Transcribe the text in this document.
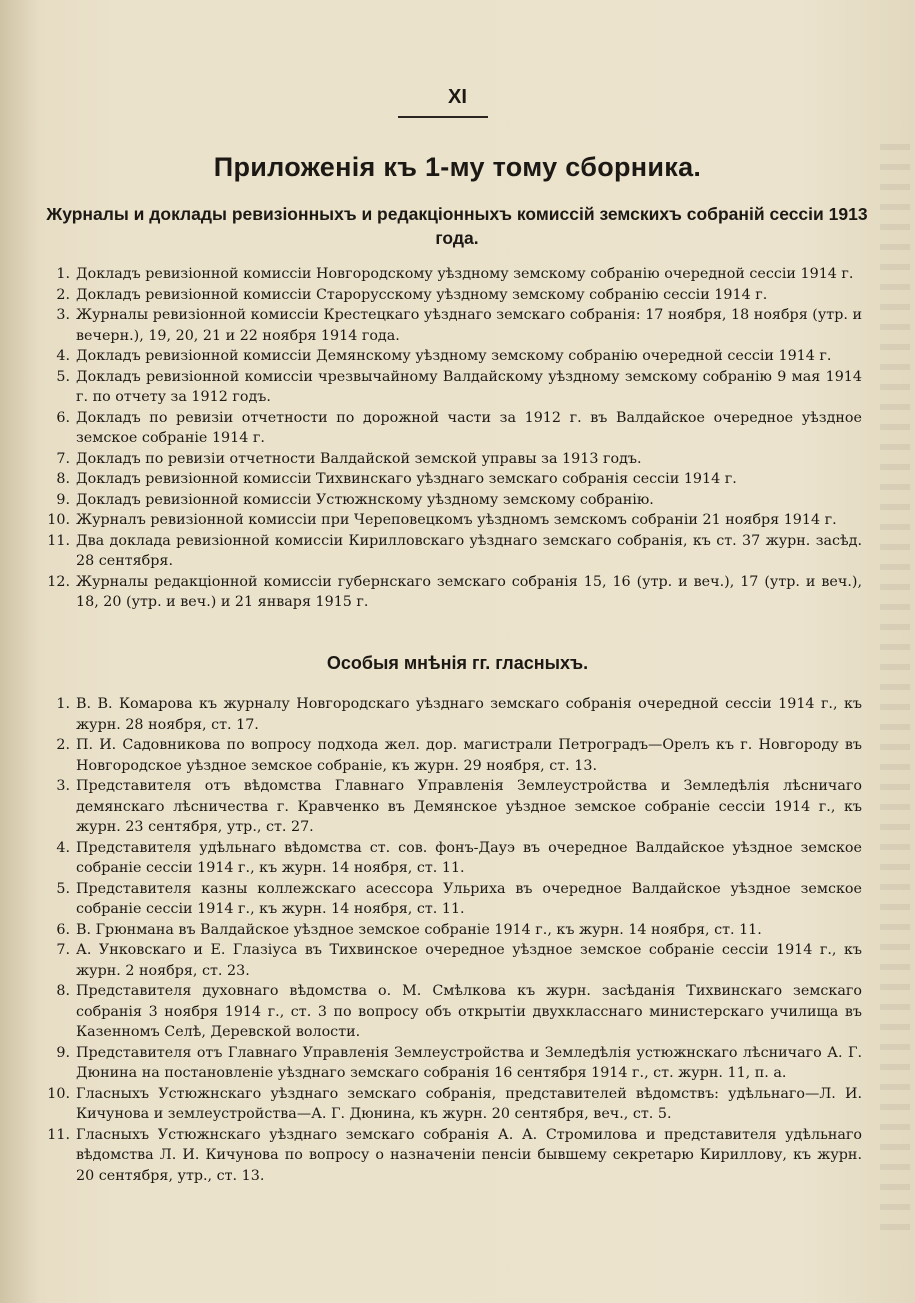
XI
Приложенія къ 1-му тому сборника.
Журналы и доклады ревизіонныхъ и редакціонныхъ комиссій земскихъ собраній сессіи 1913 года.
1. Докладъ ревизіонной комиссіи Новгородскому уѣздному земскому собранію очередной сессіи 1914 г.
2. Докладъ ревизіонной комиссіи Старорусскому уѣздному земскому собранію сессіи 1914 г.
3. Журналы ревизіонной комиссіи Крестецкаго уѣзднаго земскаго собранія: 17 ноября, 18 ноября (утр. и вечерн.), 19, 20, 21 и 22 ноября 1914 года.
4. Докладъ ревизіонной комиссіи Демянскому уѣздному земскому собранію очередной сессіи 1914 г.
5. Докладъ ревизіонной комиссіи чрезвычайному Валдайскому уѣздному земскому собранію 9 мая 1914 г. по отчету за 1912 годъ.
6. Докладъ по ревизіи отчетности по дорожной части за 1912 г. въ Валдайское очередное уѣздное земское собраніе 1914 г.
7. Докладъ по ревизіи отчетности Валдайской земской управы за 1913 годъ.
8. Докладъ ревизіонной комиссіи Тихвинскаго уѣзднаго земскаго собранія сессіи 1914 г.
9. Докладъ ревизіонной комиссіи Устюжнскому уѣздному земскому собранію.
10. Журналъ ревизіонной комиссіи при Череповецкомъ уѣздномъ земскомъ собраніи 21 ноября 1914 г.
11. Два доклада ревизіонной комиссіи Кирилловскаго уѣзднаго земскаго собранія, къ ст. 37 журн. засѣд. 28 сентября.
12. Журналы редакціонной комиссіи губернскаго земскаго собранія 15, 16 (утр. и веч.), 17 (утр. и веч.), 18, 20 (утр. и веч.) и 21 января 1915 г.
Особыя мнѣнія гг. гласныхъ.
1. В. В. Комарова къ журналу Новгородскаго уѣзднаго земскаго собранія очередной сессіи 1914 г., къ журн. 28 ноября, ст. 17.
2. П. И. Садовникова по вопросу подхода жел. дор. магистрали Петроградъ—Орелъ къ г. Новгороду въ Новгородское уѣздное земское собраніе, къ журн. 29 ноября, ст. 13.
3. Представителя отъ вѣдомства Главнаго Управленія Землеустройства и Земледѣлія лѣсничаго демянскаго лѣсничества г. Кравченко въ Демянское уѣздное земское собраніе сессіи 1914 г., къ журн. 23 сентября, утр., ст. 27.
4. Представителя удѣльнаго вѣдомства ст. сов. фонъ-Дауэ въ очередное Валдайское уѣздное земское собраніе сессіи 1914 г., къ журн. 14 ноября, ст. 11.
5. Представителя казны коллежскаго асессора Ульриха въ очередное Валдайское уѣздное земское собраніе сессіи 1914 г., къ журн. 14 ноября, ст. 11.
6. В. Грюнмана въ Валдайское уѣздное земское собраніе 1914 г., къ журн. 14 ноября, ст. 11.
7. А. Унковскаго и Е. Глазіуса въ Тихвинское очередное уѣздное земское собраніе сессіи 1914 г., къ журн. 2 ноября, ст. 23.
8. Представителя духовнаго вѣдомства о. М. Смѣлкова къ журн. засѣданія Тихвинскаго земскаго собранія 3 ноября 1914 г., ст. 3 по вопросу объ открытіи двухкласснаго министерскаго училища въ Казенномъ Селѣ, Деревской волости.
9. Представителя отъ Главнаго Управленія Землеустройства и Земледѣлія устюжнскаго лѣсничаго А. Г. Дюнина на постановленіе уѣзднаго земскаго собранія 16 сентября 1914 г., ст. журн. 11, п. а.
10. Гласныхъ Устюжнскаго уѣзднаго земскаго собранія, представителей вѣдомствъ: удѣльнаго—Л. И. Кичунова и землеустройства—А. Г. Дюнина, къ журн. 20 сентября, веч., ст. 5.
11. Гласныхъ Устюжнскаго уѣзднаго земскаго собранія А. А. Стромилова и представителя удѣльнаго вѣдомства Л. И. Кичунова по вопросу о назначеніи пенсіи бывшему секретарю Кириллову, къ журн. 20 сентября, утр., ст. 13.
